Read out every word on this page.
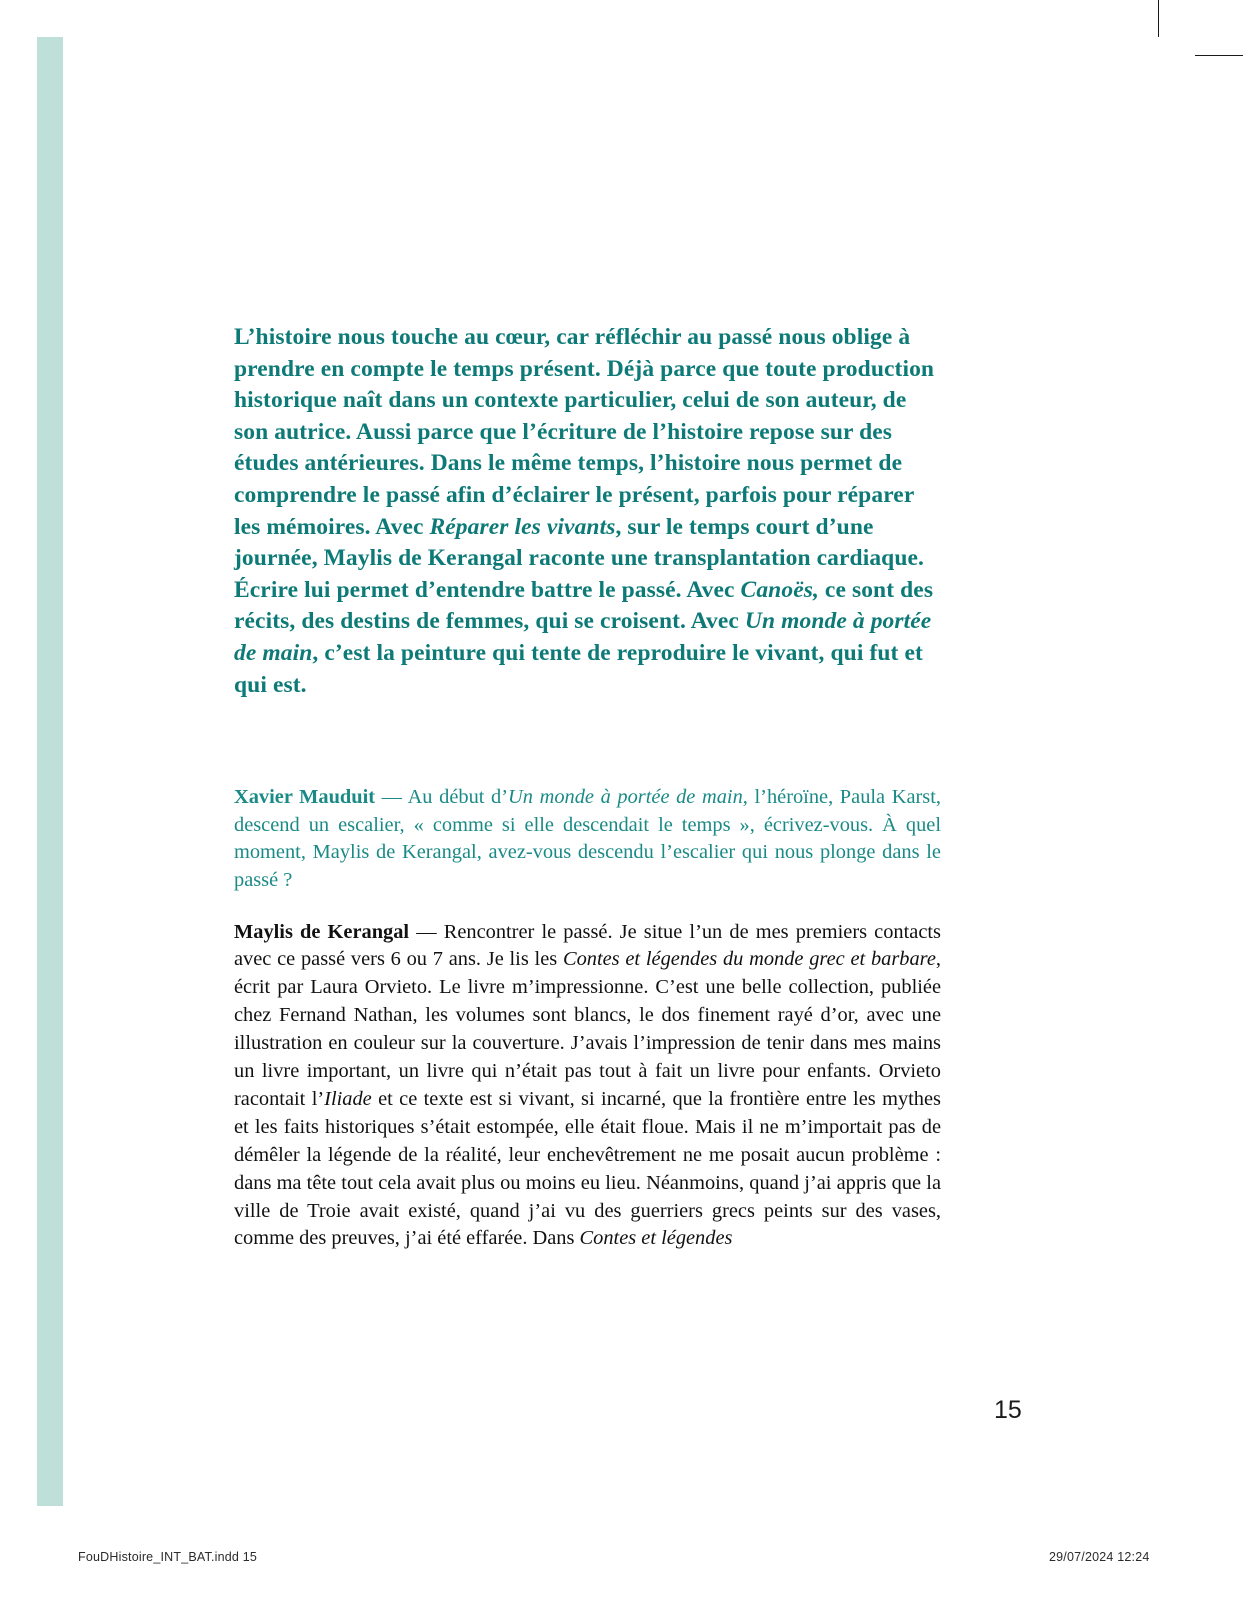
L’histoire nous touche au cœur, car réfléchir au passé nous oblige à prendre en compte le temps présent. Déjà parce que toute production historique naît dans un contexte particulier, celui de son auteur, de son autrice. Aussi parce que l’écriture de l’histoire repose sur des études antérieures. Dans le même temps, l’histoire nous permet de comprendre le passé afin d’éclairer le présent, parfois pour réparer les mémoires. Avec Réparer les vivants, sur le temps court d’une journée, Maylis de Kerangal raconte une transplantation cardiaque. Écrire lui permet d’entendre battre le passé. Avec Canoës, ce sont des récits, des destins de femmes, qui se croisent. Avec Un monde à portée de main, c’est la peinture qui tente de reproduire le vivant, qui fut et qui est.

Xavier Mauduit — Au début d’Un monde à portée de main, l’héroïne, Paula Karst, descend un escalier, « comme si elle descendait le temps », écrivez-vous. À quel moment, Maylis de Kerangal, avez-vous descendu l’escalier qui nous plonge dans le passé ?

Maylis de Kerangal — Rencontrer le passé. Je situe l’un de mes premiers contacts avec ce passé vers 6 ou 7 ans. Je lis les Contes et légendes du monde grec et barbare, écrit par Laura Orvieto. Le livre m’impressionne. C’est une belle collection, publiée chez Fernand Nathan, les volumes sont blancs, le dos finement rayé d’or, avec une illustration en couleur sur la couverture. J’avais l’impression de tenir dans mes mains un livre important, un livre qui n’était pas tout à fait un livre pour enfants. Orvieto racontait l’Iliade et ce texte est si vivant, si incarné, que la frontière entre les mythes et les faits historiques s’était estompée, elle était floue. Mais il ne m’importait pas de démêler la légende de la réalité, leur enchevêtrement ne me posait aucun problème : dans ma tête tout cela avait plus ou moins eu lieu. Néanmoins, quand j’ai appris que la ville de Troie avait existé, quand j’ai vu des guerriers grecs peints sur des vases, comme des preuves, j’ai été effarée. Dans Contes et légendes

15
FouDHistoire_INT_BAT.indd 15	29/07/2024 12:24
